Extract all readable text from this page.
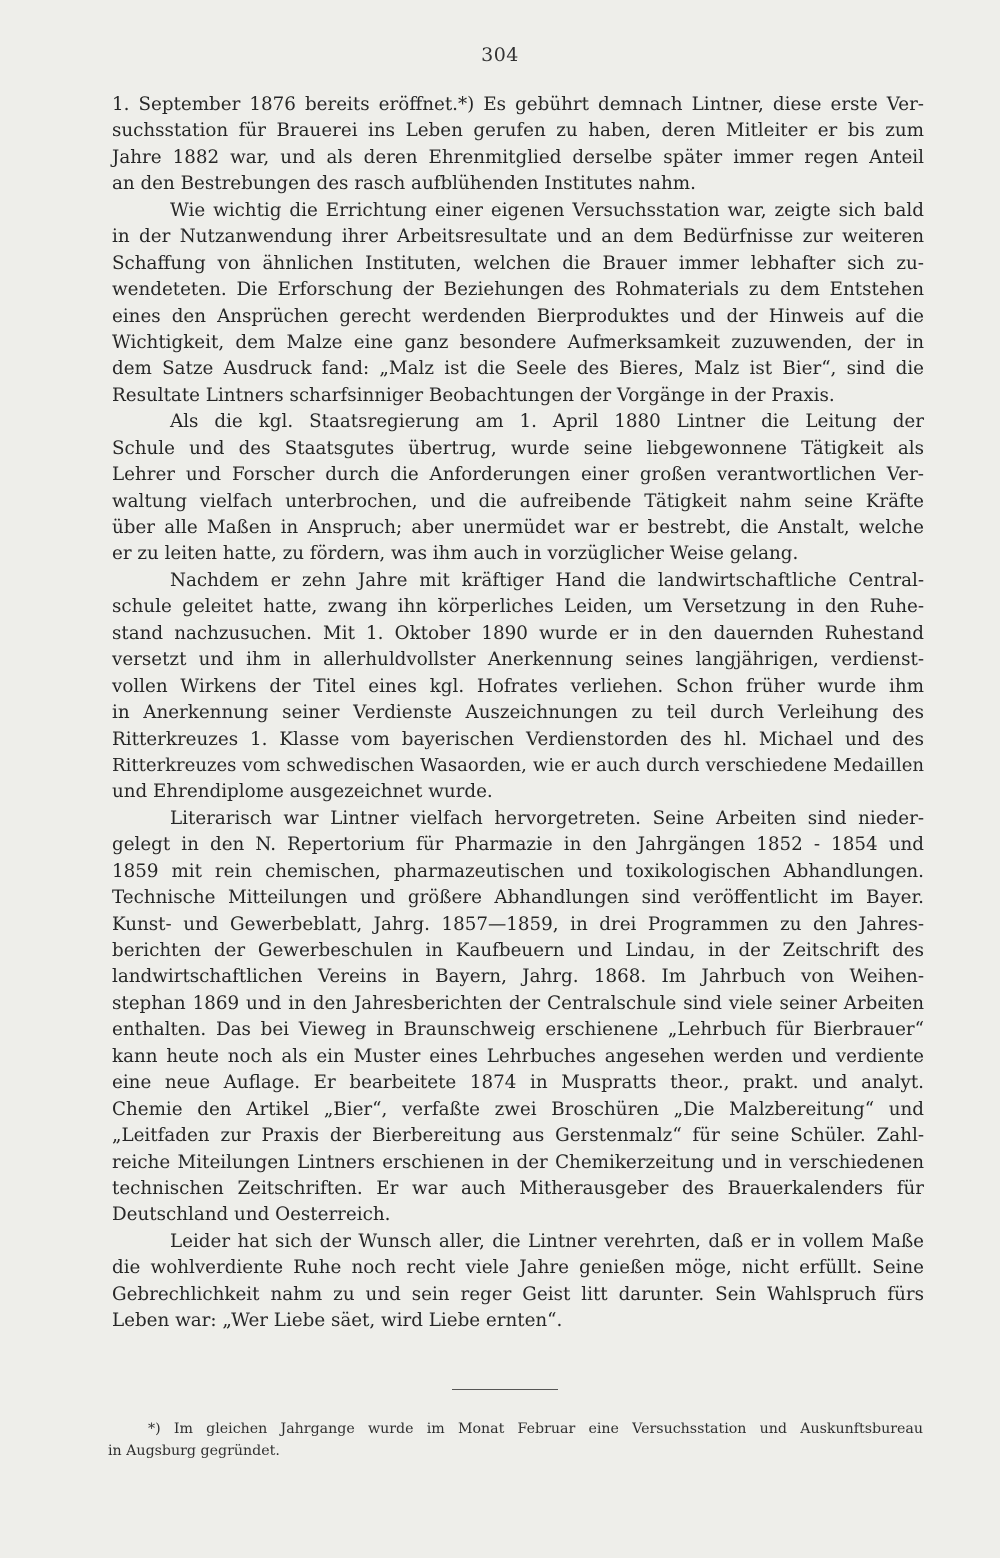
304
1. September 1876 bereits eröffnet.*) Es gebührt demnach Lintner, diese erste Ver-
suchsstation für Brauerei ins Leben gerufen zu haben, deren Mitleiter er bis zum
Jahre 1882 war, und als deren Ehrenmitglied derselbe später immer regen Anteil
an den Bestrebungen des rasch aufblühenden Institutes nahm.
Wie wichtig die Errichtung einer eigenen Versuchsstation war, zeigte sich bald
in der Nutzanwendung ihrer Arbeitsresultate und an dem Bedürfnisse zur weiteren
Schaffung von ähnlichen Instituten, welchen die Brauer immer lebhafter sich zu-
wendeteten. Die Erforschung der Beziehungen des Rohmaterials zu dem Entstehen
eines den Ansprüchen gerecht werdenden Bierproduktes und der Hinweis auf die
Wichtigkeit, dem Malze eine ganz besondere Aufmerksamkeit zuzuwenden, der in
dem Satze Ausdruck fand: „Malz ist die Seele des Bieres, Malz ist Bier“, sind die
Resultate Lintners scharfsinniger Beobachtungen der Vorgänge in der Praxis.
Als die kgl. Staatsregierung am 1. April 1880 Lintner die Leitung der
Schule und des Staatsgutes übertrug, wurde seine liebgewonnene Tätigkeit als
Lehrer und Forscher durch die Anforderungen einer großen verantwortlichen Ver-
waltung vielfach unterbrochen, und die aufreibende Tätigkeit nahm seine Kräfte
über alle Maßen in Anspruch; aber unermüdet war er bestrebt, die Anstalt, welche
er zu leiten hatte, zu fördern, was ihm auch in vorzüglicher Weise gelang.
Nachdem er zehn Jahre mit kräftiger Hand die landwirtschaftliche Central-
schule geleitet hatte, zwang ihn körperliches Leiden, um Versetzung in den Ruhe-
stand nachzusuchen. Mit 1. Oktober 1890 wurde er in den dauernden Ruhestand
versetzt und ihm in allerhuldvollster Anerkennung seines langjährigen, verdienst-
vollen Wirkens der Titel eines kgl. Hofrates verliehen. Schon früher wurde ihm
in Anerkennung seiner Verdienste Auszeichnungen zu teil durch Verleihung des
Ritterkreuzes 1. Klasse vom bayerischen Verdienstorden des hl. Michael und des
Ritterkreuzes vom schwedischen Wasaorden, wie er auch durch verschiedene Medaillen
und Ehrendiplome ausgezeichnet wurde.
Literarisch war Lintner vielfach hervorgetreten. Seine Arbeiten sind nieder-
gelegt in den N. Repertorium für Pharmazie in den Jahrgängen 1852 - 1854 und
1859 mit rein chemischen, pharmazeutischen und toxikologischen Abhandlungen.
Technische Mitteilungen und größere Abhandlungen sind veröffentlicht im Bayer.
Kunst- und Gewerbeblatt, Jahrg. 1857—1859, in drei Programmen zu den Jahres-
berichten der Gewerbeschulen in Kaufbeuern und Lindau, in der Zeitschrift des
landwirtschaftlichen Vereins in Bayern, Jahrg. 1868. Im Jahrbuch von Weihen-
stephan 1869 und in den Jahresberichten der Centralschule sind viele seiner Arbeiten
enthalten. Das bei Vieweg in Braunschweig erschienene „Lehrbuch für Bierbrauer“
kann heute noch als ein Muster eines Lehrbuches angesehen werden und verdiente
eine neue Auflage. Er bearbeitete 1874 in Muspratts theor., prakt. und analyt.
Chemie den Artikel „Bier“, verfaßte zwei Broschüren „Die Malzbereitung“ und
„Leitfaden zur Praxis der Bierbereitung aus Gerstenmalz“ für seine Schüler. Zahl-
reiche Miteilungen Lintners erschienen in der Chemikerzeitung und in verschiedenen
technischen Zeitschriften. Er war auch Mitherausgeber des Brauerkalenders für
Deutschland und Oesterreich.
Leider hat sich der Wunsch aller, die Lintner verehrten, daß er in vollem Maße
die wohlverdiente Ruhe noch recht viele Jahre genießen möge, nicht erfüllt. Seine
Gebrechlichkeit nahm zu und sein reger Geist litt darunter. Sein Wahlspruch fürs
Leben war: „Wer Liebe säet, wird Liebe ernten“.
*) Im gleichen Jahrgange wurde im Monat Februar eine Versuchsstation und Auskunftsbureau
in Augsburg gegründet.
